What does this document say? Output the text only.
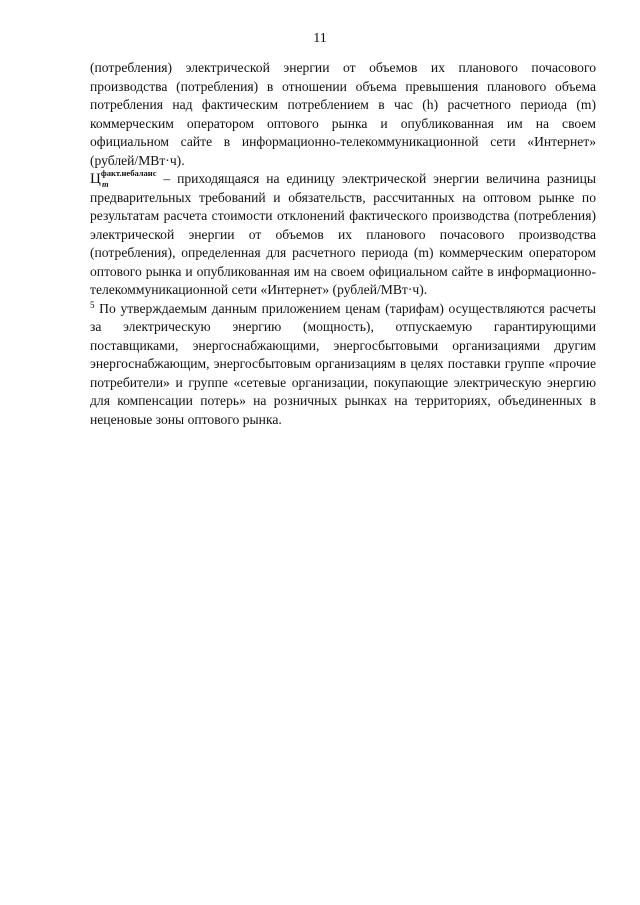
11

(потребления) электрической энергии от объемов их планового почасового производства (потребления) в отношении объема превышения планового объема потребления над фактическим потреблением в час (h) расчетного периода (m) коммерческим оператором оптового рынка и опубликованная им на своем официальном сайте в информационно-телекоммуникационной сети «Интернет» (рублей/МВт·ч).

$Ц^{факт.небаланс}$
m	– приходящаяся на единицу электрической энергии величина разницы предварительных требований и обязательств, рассчитанных на оптовом рынке по результатам расчета стоимости отклонений фактического производства (потребления) электрической энергии от объемов их планового почасового производства (потребления), определенная для расчетного периода (m) коммерческим оператором оптового рынка и опубликованная им на своем официальном сайте в информационно-телекоммуникационной сети «Интернет» (рублей/МВт·ч).

$^5$ По утверждаемым данным приложением ценам (тарифам) осуществляются расчеты за электрическую энергию (мощность), отпускаемую гарантирующими поставщиками, энергоснабжающими, энергосбытовыми организациями другим энергоснабжающим, энергосбытовым организациям в целях поставки группе «прочие потребители» и группе «сетевые организации, покупающие электрическую энергию для компенсации потерь» на розничных рынках на территориях, объединенных в неценовые зоны оптового рынка.
